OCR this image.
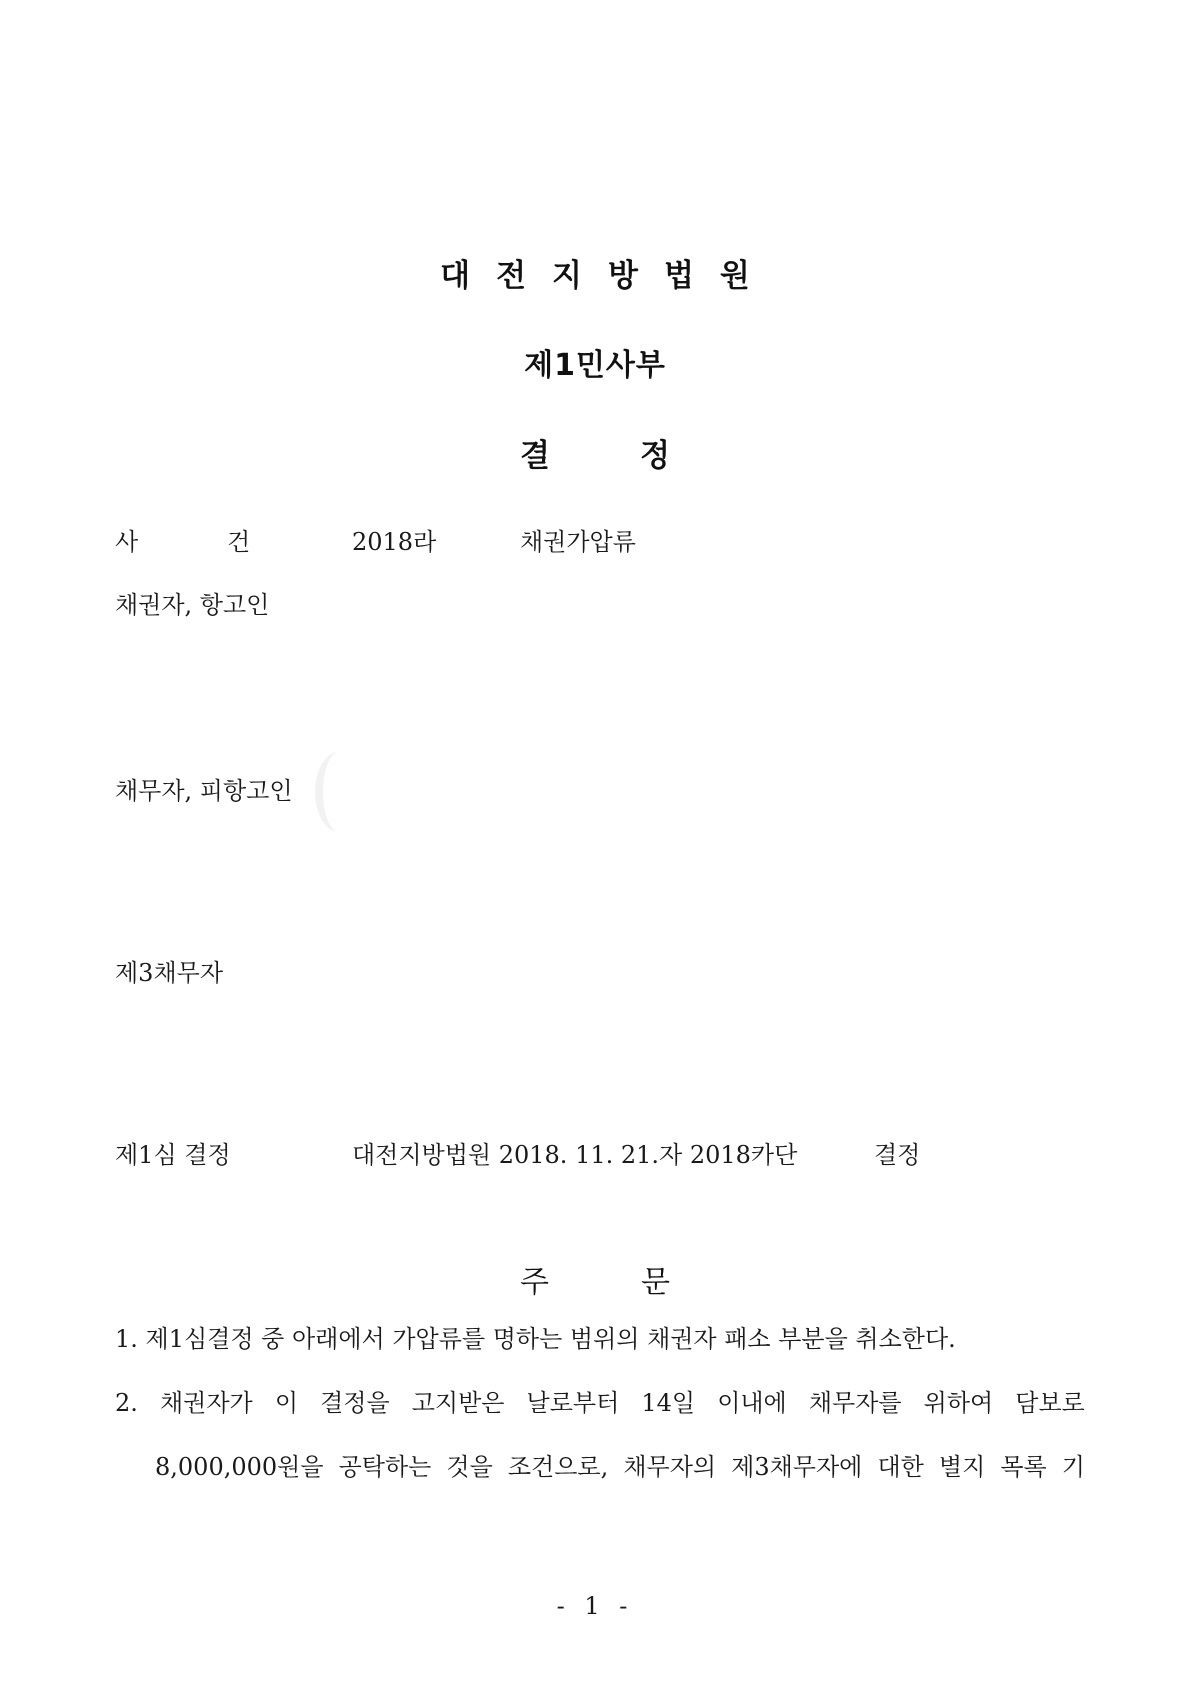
대전지방법원
제1민사부
결	정
사	건	2018라	채권가압류
채권자, 항고인
채무자, 피항고인
제3채무자
제1심 결정	대전지방법원 2018. 11. 21.자 2018카단	결정
주	문
1. 제1심결정 중 아래에서 가압류를 명하는 범위의 채권자 패소 부분을 취소한다.
2. 채권자가 이 결정을 고지받은 날로부터 14일 이내에 채무자를 위하여 담보로
8,000,000원을 공탁하는 것을 조건으로, 채무자의 제3채무자에 대한 별지 목록 기
- 1 -
